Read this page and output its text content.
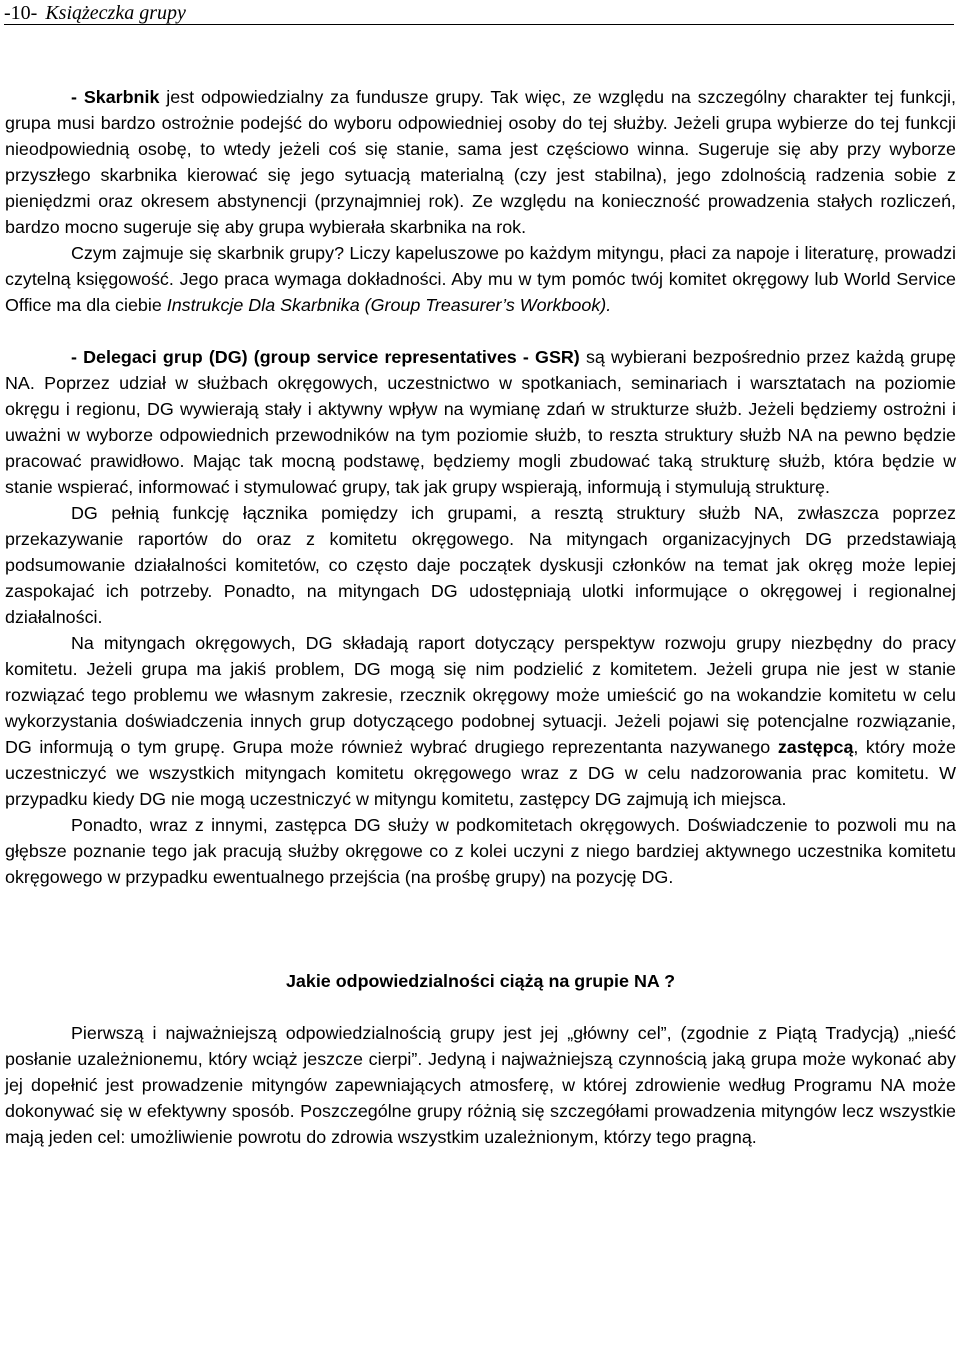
-10- Książeczka grupy

- Skarbnik jest odpowiedzialny za fundusze grupy. Tak więc, ze względu na szczególny charakter tej funkcji, grupa musi bardzo ostrożnie podejść do wyboru odpowiedniej osoby do tej służby. Jeżeli grupa wybierze do tej funkcji nieodpowiednią osobę, to wtedy jeżeli coś się stanie, sama jest częściowo winna. Sugeruje się aby przy wyborze przyszłego skarbnika kierować się jego sytuacją materialną (czy jest stabilna), jego zdolnością radzenia sobie z pieniędzmi oraz okresem abstynencji (przynajmniej rok). Ze względu na konieczność prowadzenia stałych rozliczeń, bardzo mocno sugeruje się aby grupa wybierała skarbnika na rok.

Czym zajmuje się skarbnik grupy? Liczy kapeluszowe po każdym mityngu, płaci za napoje i literaturę, prowadzi czytelną księgowość. Jego praca wymaga dokładności. Aby mu w tym pomóc twój komitet okręgowy lub World Service Office ma dla ciebie Instrukcje Dla Skarbnika (Group Treasurer’s Workbook).

- Delegaci grup (DG) (group service representatives - GSR) są wybierani bezpośrednio przez każdą grupę NA. Poprzez udział w służbach okręgowych, uczestnictwo w spotkaniach, seminariach i warsztatach na poziomie okręgu i regionu, DG wywierają stały i aktywny wpływ na wymianę zdań w strukturze służb. Jeżeli będziemy ostrożni i uważni w wyborze odpowiednich przewodników na tym poziomie służb, to reszta struktury służb NA na pewno będzie pracować prawidłowo. Mając tak mocną podstawę, będziemy mogli zbudować taką strukturę służb, która będzie w stanie wspierać, informować i stymulować grupy, tak jak grupy wspierają, informują i stymulują strukturę.

DG pełnią funkcję łącznika pomiędzy ich grupami, a resztą struktury służb NA, zwłaszcza poprzez przekazywanie raportów do oraz z komitetu okręgowego. Na mityngach organizacyjnych DG przedstawiają podsumowanie działalności komitetów, co często daje początek dyskusji członków na temat jak okręg może lepiej zaspokajać ich potrzeby. Ponadto, na mityngach DG udostępniają ulotki informujące o okręgowej i regionalnej działalności.

Na mityngach okręgowych, DG składają raport dotyczący perspektyw rozwoju grupy niezbędny do pracy komitetu. Jeżeli grupa ma jakiś problem, DG mogą się nim podzielić z komitetem. Jeżeli grupa nie jest w stanie rozwiązać tego problemu we własnym zakresie, rzecznik okręgowy może umieścić go na wokandzie komitetu w celu wykorzystania doświadczenia innych grup dotyczącego podobnej sytuacji. Jeżeli pojawi się potencjalne rozwiązanie, DG informują o tym grupę. Grupa może również wybrać drugiego reprezentanta nazywanego zastępcą, który może uczestniczyć we wszystkich mityngach komitetu okręgowego wraz z DG w celu nadzorowania prac komitetu. W przypadku kiedy DG nie mogą uczestniczyć w mityngu komitetu, zastępcy DG zajmują ich miejsca.

Ponadto, wraz z innymi, zastępca DG służy w podkomitetach okręgowych. Doświadczenie to pozwoli mu na głębsze poznanie tego jak pracują służby okręgowe co z kolei uczyni z niego bardziej aktywnego uczestnika komitetu okręgowego w przypadku ewentualnego przejścia (na prośbę grupy) na pozycję DG.

Jakie odpowiedzialności ciążą na grupie NA ?

Pierwszą i najważniejszą odpowiedzialnością grupy jest jej „główny cel”, (zgodnie z Piątą Tradycją) „nieść posłanie uzależnionemu, który wciąż jeszcze cierpi”. Jedyną i najważniejszą czynnością jaką grupa może wykonać aby jej dopełnić jest prowadzenie mityngów zapewniających atmosferę, w której zdrowienie według Programu NA może dokonywać się w efektywny sposób. Poszczególne grupy różnią się szczegółami prowadzenia mityngów lecz wszystkie mają jeden cel: umożliwienie powrotu do zdrowia wszystkim uzależnionym, którzy tego pragną.
